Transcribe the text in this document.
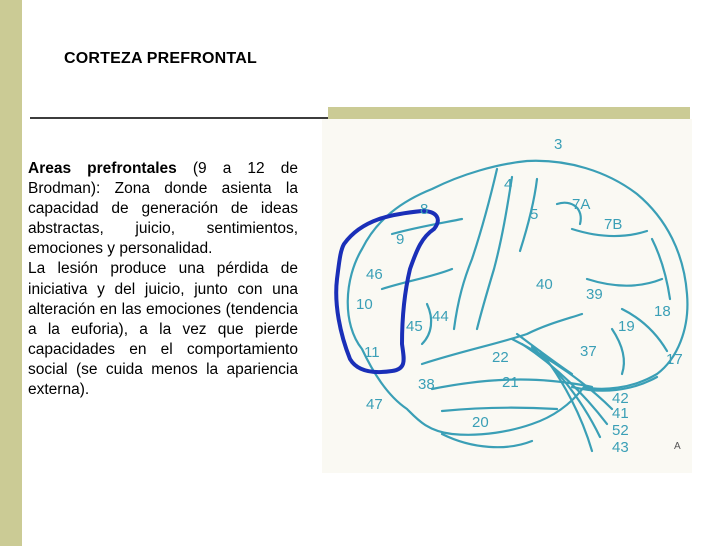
CORTEZA PREFRONTAL

Areas prefrontales (9 a 12 de Brodman): Zona donde asienta la capacidad de generación de ideas abstractas, juicio, sentimientos, emociones y personalidad.

La lesión produce una pérdida de iniciativa y del juicio, junto con una alteración en las emociones (tendencia a la euforia), a la vez que pierde capacidades en el comportamiento social (se cuida menos la apariencia externa).

3
4
5
7A
7B
8
9
46
10
45
44
40
39
18
19
17
37
22
21
38
47
11
20
42
41
52
43	A
